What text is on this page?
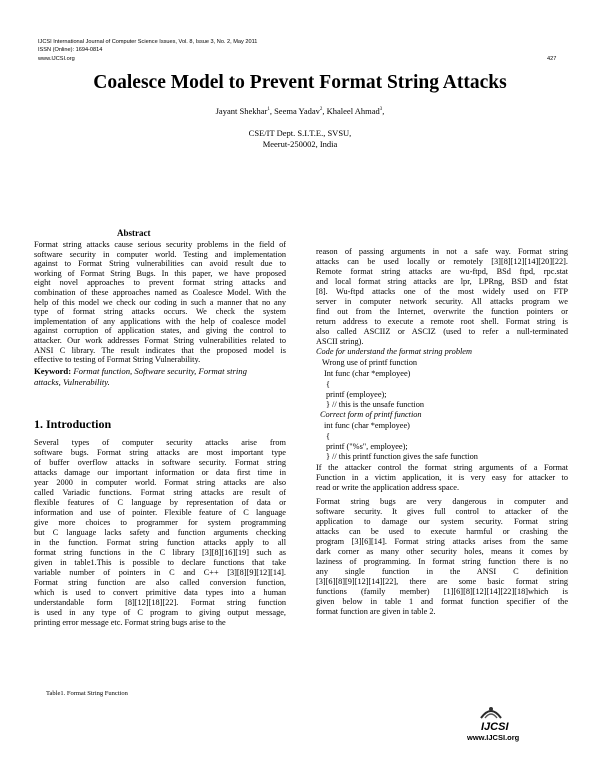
IJCSI International Journal of Computer Science Issues, Vol. 8, Issue 3, No. 2, May 2011
ISSN (Online): 1694-0814
www.IJCSI.org	427
Coalesce Model to Prevent Format String Attacks
Jayant Shekhar$^1$, Seema Yadav$^2$, Khaleel Ahmad$^3$,
CSE/IT Dept. S.I.T.E., SVSU,
Meerut-250002, India
Abstract
Format string attacks cause serious security problems in the field of
software security in computer world. Testing and implementation
against to Format String vulnerabilities can avoid result due to
working of Format String Bugs. In this paper, we have proposed
eight novel approaches to prevent format string attacks and
combination of these approaches named as Coalesce Model. With the
help of this model we check our coding in such a manner that no any
type of format string attacks occurs. We check the system
implementation of any applications with the help of coalesce model
against corruption of application states, and giving the control to
attacker. Our work addresses Format String vulnerabilities related to
ANSI C library. The result indicates that the proposed model is
effective to testing of Format String Vulnerability.
Keyword: Format function, Software security, Format string
attacks, Vulnerability.
1. Introduction
Several types of computer security attacks arise from
software bugs. Format string attacks are most important type
of buffer overflow attacks in software security. Format string
attacks damage our important information or data first time in
year 2000 in computer world. Format string attacks are also
called Variadic functions. Format string attacks are result of
flexible features of C language by representation of data or
information and use of pointer. Flexible feature of C language
give more choices to programmer for system programming
but C language lacks safety and function arguments checking
in the function. Format string function attacks apply to all
format string functions in the C library [3][8][16][19] such as
given in table1.This is possible to declare functions that take
variable number of pointers in C and C++ [3][8][9][12][14].
Format string function are also called conversion function,
which is used to convert primitive data types into a human
understandable form [8][12][18][22]. Format string function
is used in any type of C program to giving output message,
printing error message etc. Format string bugs arise to the
reason of passing arguments in not a safe way. Format string
attacks can be used locally or remotely [3][8][12][14][20][22].
Remote format string attacks are wu-ftpd, BSd ftpd, rpc.stat
and local format string attacks are lpr, LPRng, BSD and fstat
[8]. Wu-ftpd attacks one of the most widely used on FTP
server in computer network security. All attacks program we
find out from the Internet, overwrite the function pointers or
return address to execute a remote root shell. Format string is
also called ASCIIZ or ASCIZ (used to refer a null-terminated
ASCII string).
Code for understand the format string problem
Wrong use of printf function
Int func (char *employee)
{
printf (employee);
} // this is the unsafe function
Correct form of printf function
int func (char *employee)
{
printf ("%s", employee);
} // this printf function gives the safe function
If the attacker control the format string arguments of a Format
Function in a victim application, it is very easy for attacker to
read or write the application address space.
Format string bugs are very dangerous in computer and
software security. It gives full control to attacker of the
application to damage our system security. Format string
attacks can be used to execute harmful or crashing the
program [3][6][14]. Format string attacks arises from the same
dark corner as many other security holes, means it comes by
laziness of programming. In format string function there is no
any single function in the ANSI C definition
[3][6][8][9][12][14][22], there are some basic format string
functions (family member) [1][6][8][12][14][22][18]which is
given below in table 1 and format function specifier of the
format function are given in table 2.
Table1. Format String Function
IJCSI
www.IJCSI.org
